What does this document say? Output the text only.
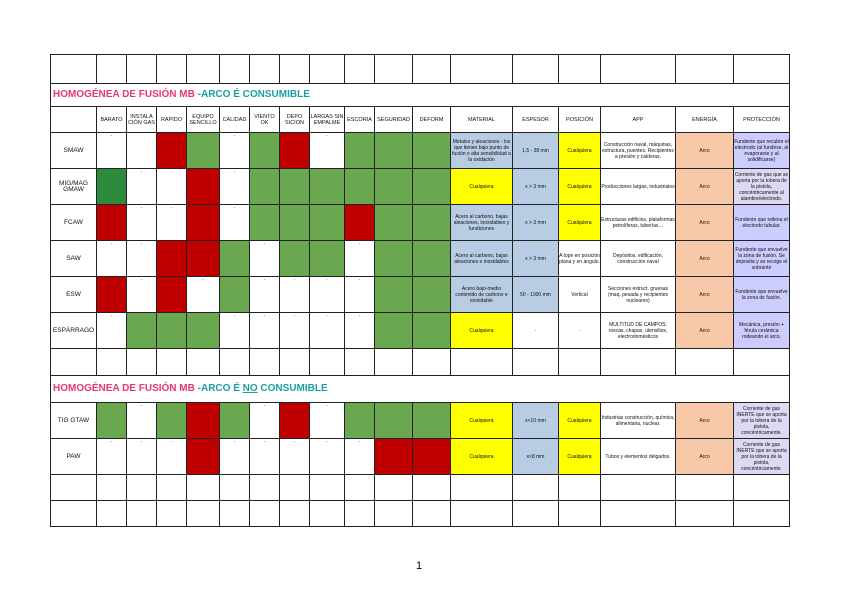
HOMOGÉNEA DE FUSIÓN MB -ARCO É CONSUMIBLE																	
	BARATO	INSTALA CIÓN GAS	RAPIDO	EQUIPO SENCILLO	CALIDAD	VIENTO OK	DEPO SICION	LARGAS SIN EMPALME	ESCORIA	SEGURIDAD	DEFORM	MATERIAL	ESPESOR	POSICIÓN	APP	ENERGÍA	PROTECCIÓN
SMAW	·				·			·				Metales y aleaciones - los que tienen bajo punto de fusión o alta sensibilidad a la oxidación	1,5 - 38 mm	Cualquiera	Construcción naval, máquinas, estructura, puentes. Recipientes a presión y calderas.	Arco	Fundente que recubre el electrodo (al fundirse, al evaporarse y al solidificarse)
MIG/MAG GMAW		·	·		·							Cualquiera	x > 3 mm	Cualquiera	Producciones largas, industriales	Arco	Corriente de gas que se aporta por la tobera de la pistola, concéntricamente al alambre/electrodo.
FCAW		·	·		·							Acero al carbono, bajas aleaciones, inoxidables y fundiciones	x > 3 mm	Cualquiera	Estructuras edificios, plataformas petrolíferas, tuberías…	Arco	Fundente que rellena el electrodo tubular.
SAW	·	·				·			·			Acero al carbono, bajas aleaciones e inoxidables	x > 3 mm	A tope en posición plana y en ángulo.	Depósitos, edificación, construcción naval	Arco	Fundente que envuelve la zona de fusión. Se deposita y se recoge el sobrante
ESW		·		·		·	·	·	·			Acero bajo-medio contenido de carbono e inoxidable	50 - 1000 mm	Vertical	Secciones estruct. gruesas (maq. pesada y recipientes nucleares)	Arco	Fundente que envuelve la zona de fusión.
ESPÁRRAGO	·				·	·	·	·	·			Cualquiera	·	·	MULTITUD DE CAMPOS: roscas, chapas, utensilios, electrodomésticos	Arco	Mecánica, presión + férula cerámica rodeando el arco.

HOMOGÉNEA DE FUSIÓN MB -ARCO É NO CONSUMIBLE																	
TIG GTAW		·				·		·				Cualquiera	x<10 mm	Cualquiera	Industrias construcción, química, alimentaria, nuclear.	Arco	Corriente de gas INERTE que se aporta por la tobera de la pistola, concéntricamente.
PAW	·	·	·		·	·	·	·	·			Cualquiera	x<8 mm	Cualquiera	Tubos y elementos delgados.	Arco	Corriente de gas INERTE que se aporta por la tobera de la pistola, concéntricamente.

1
